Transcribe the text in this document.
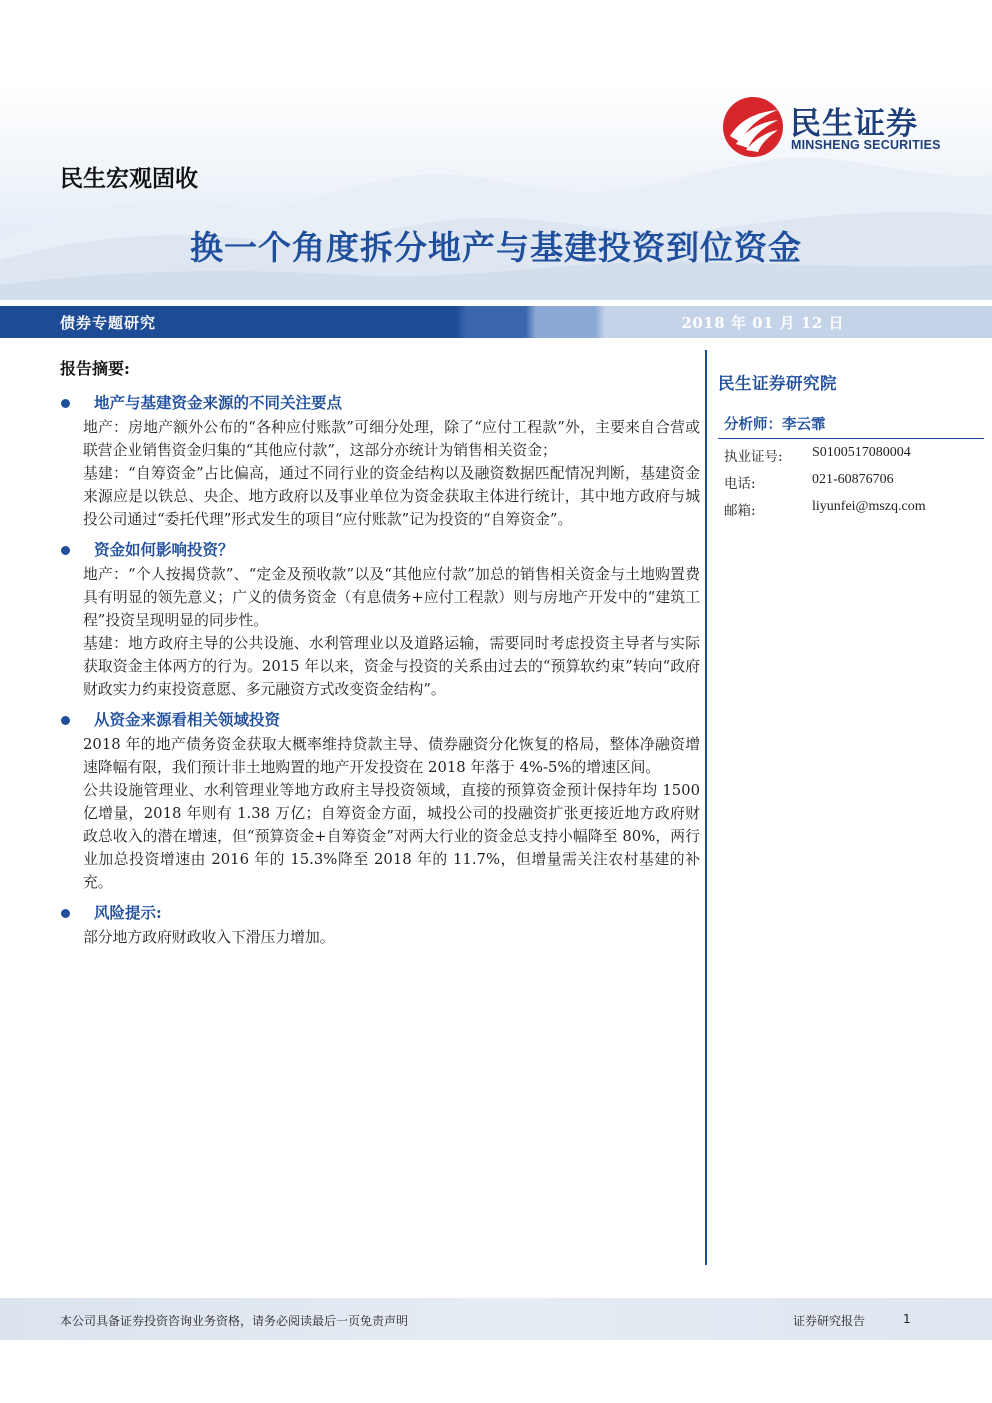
民生证券
MINSHENG SECURITIES
民生宏观固收
换一个角度拆分地产与基建投资到位资金
债券专题研究	2018 年 01 月 12 日
报告摘要:
地产与基建资金来源的不同关注要点
地产：房地产额外公布的“各种应付账款”可细分处理，除了“应付工程款”外，主要来自合营或联营企业销售资金归集的“其他应付款”，这部分亦统计为销售相关资金；
基建：“自筹资金”占比偏高，通过不同行业的资金结构以及融资数据匹配情况判断，基建资金来源应是以铁总、央企、地方政府以及事业单位为资金获取主体进行统计，其中地方政府与城投公司通过“委托代理”形式发生的项目“应付账款”记为投资的“自筹资金”。
资金如何影响投资？
地产：“个人按揭贷款”、“定金及预收款”以及“其他应付款”加总的销售相关资金与土地购置费具有明显的领先意义；广义的债务资金（有息债务+应付工程款）则与房地产开发中的“建筑工程”投资呈现明显的同步性。
基建：地方政府主导的公共设施、水利管理业以及道路运输，需要同时考虑投资主导者与实际获取资金主体两方的行为。2015 年以来，资金与投资的关系由过去的“预算软约束”转向“政府财政实力约束投资意愿、多元融资方式改变资金结构”。
从资金来源看相关领域投资
2018 年的地产债务资金获取大概率维持贷款主导、债券融资分化恢复的格局，整体净融资增速降幅有限，我们预计非土地购置的地产开发投资在 2018 年落于 4%-5%的增速区间。
公共设施管理业、水利管理业等地方政府主导投资领域，直接的预算资金预计保持年均 1500 亿增量，2018 年则有 1.38 万亿；自筹资金方面，城投公司的投融资扩张更接近地方政府财政总收入的潜在增速，但“预算资金+自筹资金”对两大行业的资金总支持小幅降至 80%，两行业加总投资增速由 2016 年的 15.3%降至 2018 年的 11.7%，但增量需关注农村基建的补充。
风险提示:
部分地方政府财政收入下滑压力增加。
民生证券研究院
分析师：李云霏
执业证号: S0100517080004
电话:	021-60876706
邮箱:	liyunfei@mszq.com
本公司具备证券投资咨询业务资格，请务必阅读最后一页免责声明	证券研究报告	1
